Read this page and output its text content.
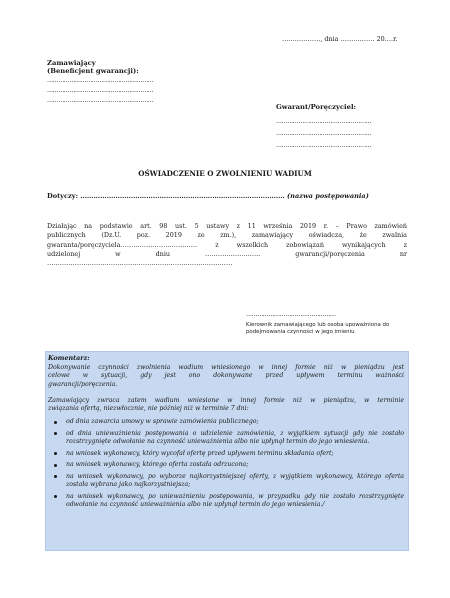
………………, dnia ……………. 20….r.
Zamawiający
(Beneficjent gwarancji):
…………………………………………………
…………………………………………………
…………………………………………………
Gwarant/Poręczyciel:
……………………………………………
……………………………………………
……………………………………………
OŚWIADCZENIE O ZWOLNIENIU WADIUM
Dotyczy: ………………………………………………………………………………… (nazwa postępowania)
Działając na podstawie art. 98 ust. 5 ustawy z 11 września 2019 r. – Prawo zamówień
publicznych (Dz.U. poz. 2019 ze zm.), zamawiający oświadcza, że zwalnia
gwaranta/poręczyciela……………………………… z wszelkich zobowiązań wynikających z
udzielonej w dniu …………………….. gwarancji/poręczenia nr
……………………………………………………………………………
…………………………………………
Kierownik zamawiającego lub osoba upoważniona do podejmowania czynności w jego imieniu
Komentarz:
Dokonywanie czynności zwolnienia wadium wniesionego w innej formie niż w pieniądzu jest
celowe w sytuacji, gdy jest ono dokonywane przed upływem terminu ważności
gwarancji/poręczenia.
Zamawiający zwraca zatem wadium wniesione w innej formie niż w pieniądzu, w terminie
związania ofertą, niezwłocznie, nie później niż w terminie 7 dni:
od dnia zawarcia umowy w sprawie zamówienia publicznego;
od dnia unieważnienia postępowania o udzielenie zamówienia, z wyjątkiem sytuacji gdy nie zostało rozstrzygnięte odwołanie na czynność unieważnienia albo nie upłynął termin do jego wniesienia.
na wniosek wykonawcy, który wycofał ofertę przed upływem terminu składania ofert;
na wniosek wykonawcy, którego oferta została odrzucona;
na wniosek wykonawcy, po wyborze najkorzystniejszej oferty, z wyjątkiem wykonawcy, którego oferta została wybrana jako najkorzystniejsza;
na wniosek wykonawcy, po unieważnieniu postępowania, w przypadku gdy nie zostało rozstrzygnięte odwołanie na czynność unieważnienia albo nie upłynął termin do jego wniesienia./
